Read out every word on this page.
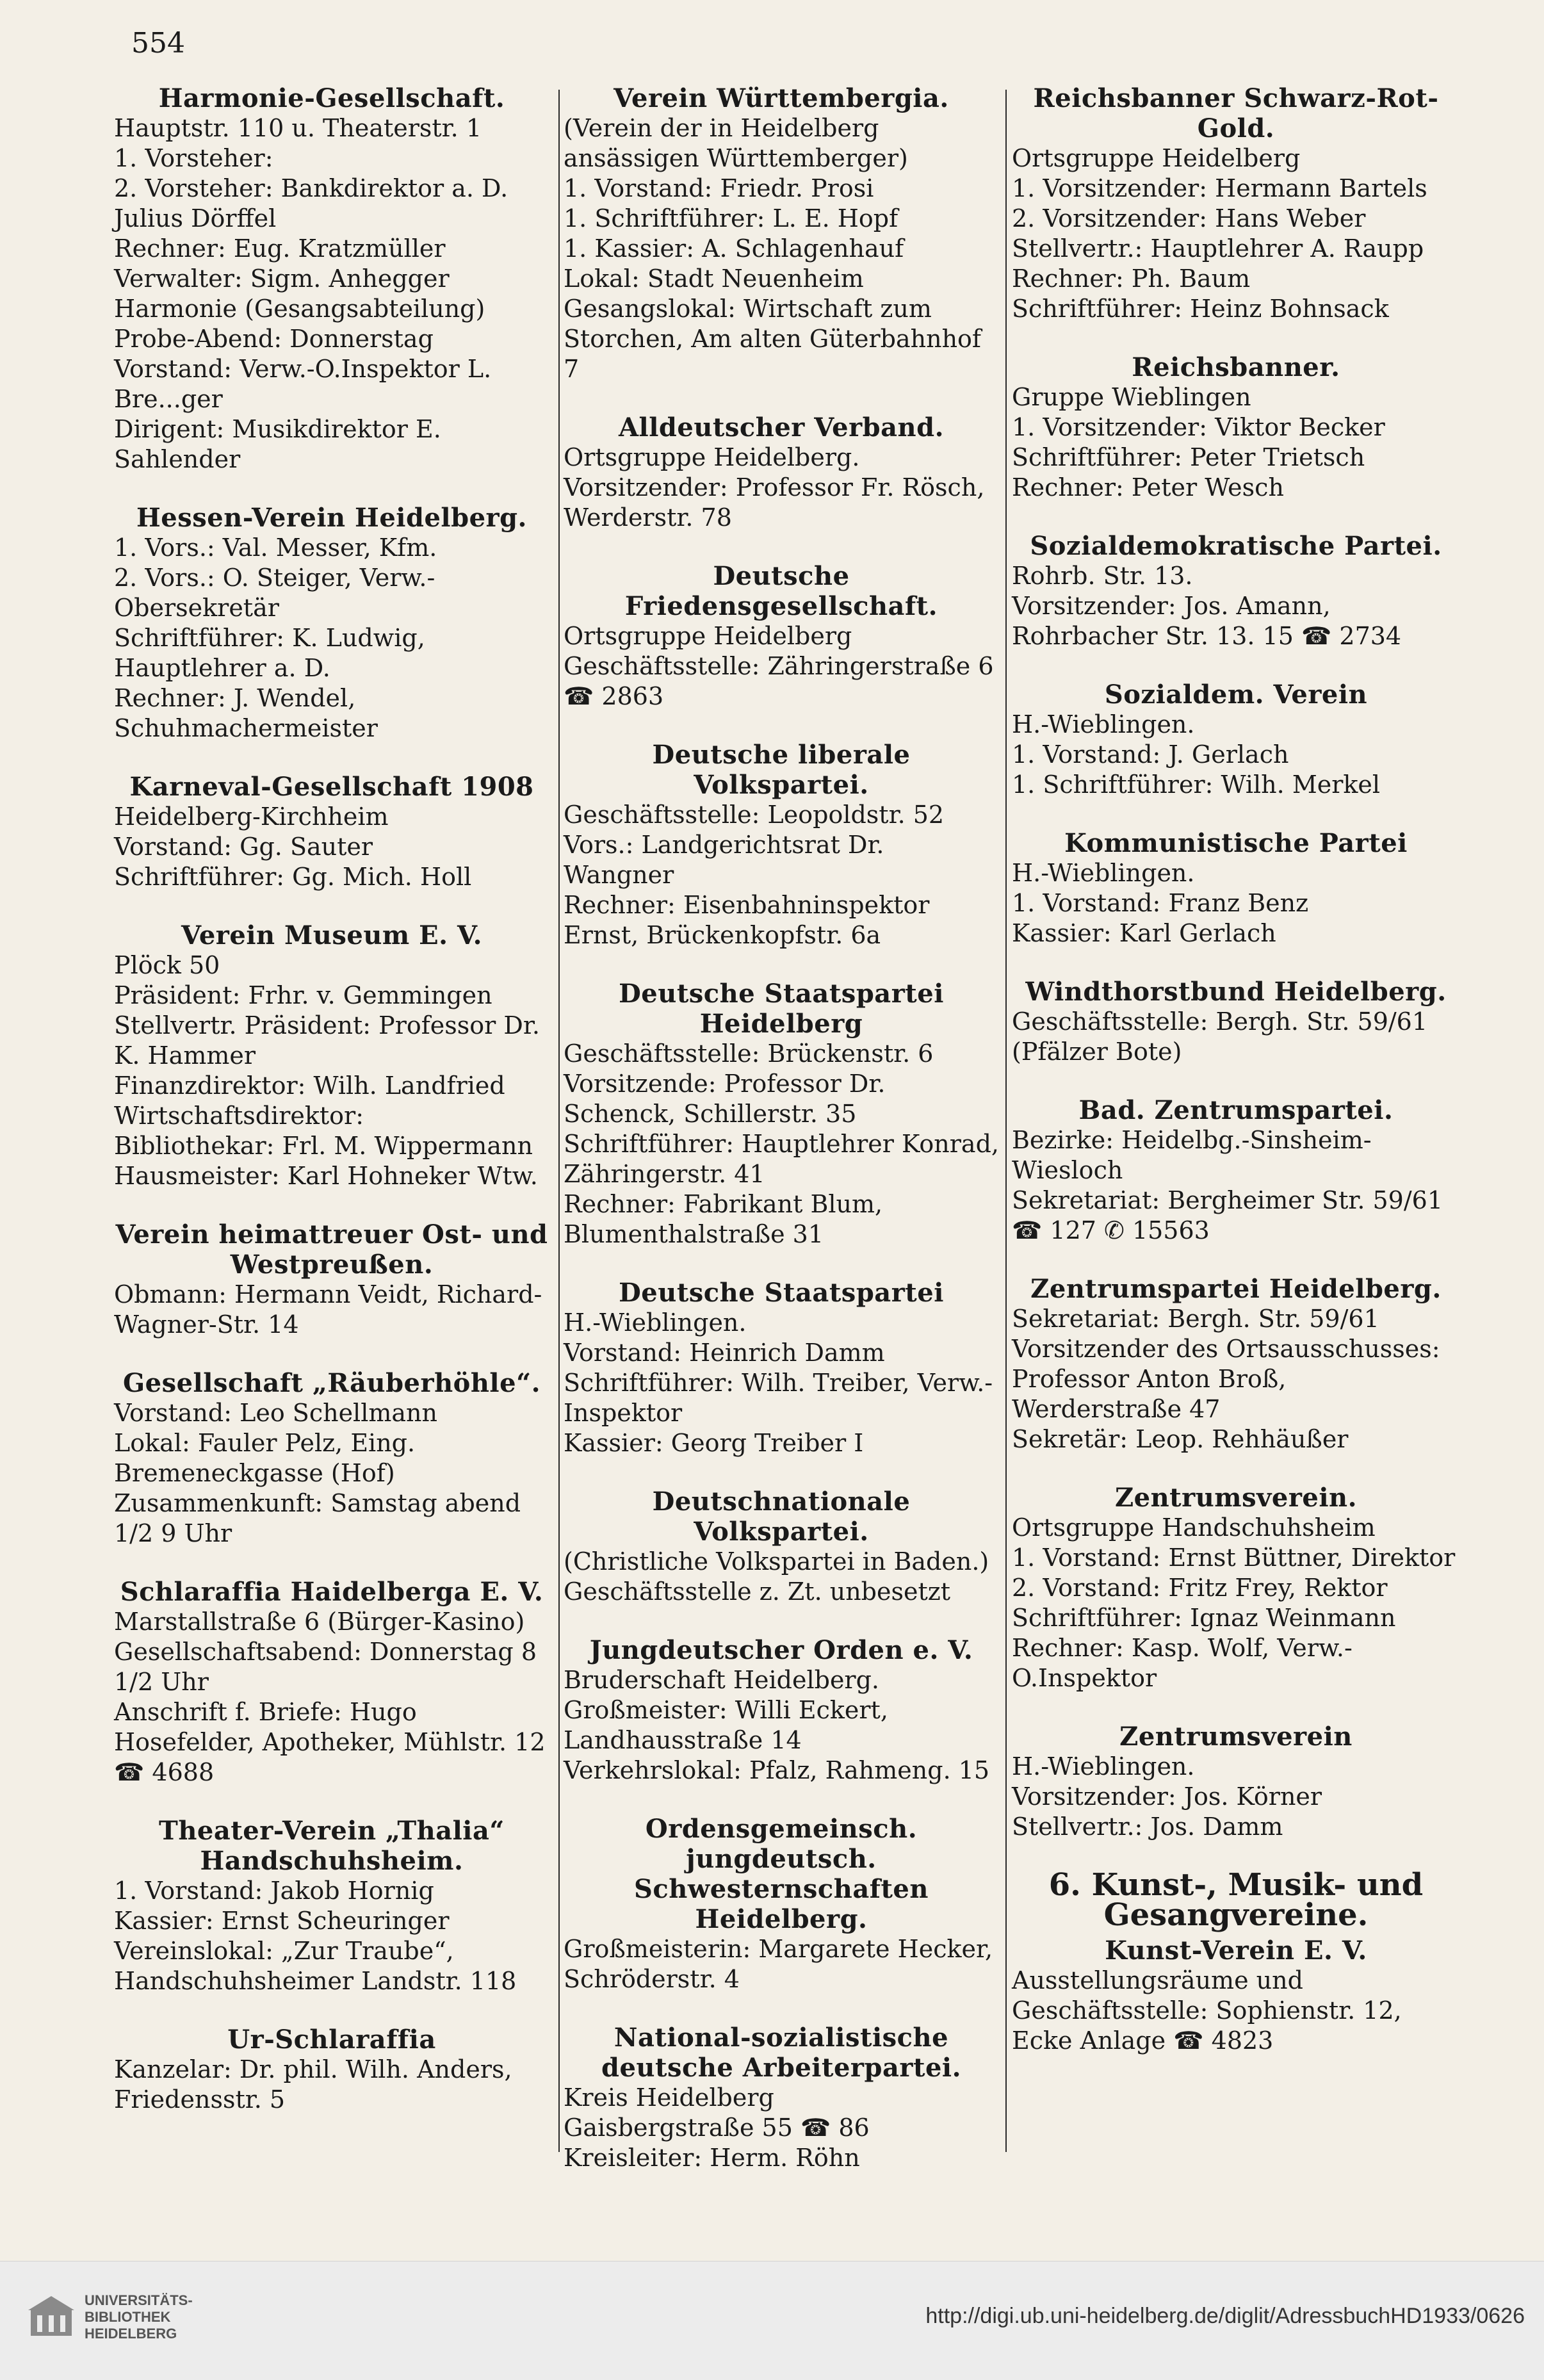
554
Harmonie-Gesellschaft.
Hauptstr. 110 u. Theaterstr. 1
1. Vorsteher:
2. Vorsteher: Bankdirektor a. D. Julius Dörffel
Rechner: Eug. Kratzmüller
Verwalter: Sigm. Anhegger
Harmonie (Gesangsabteilung)
Probe-Abend: Donnerstag
Vorstand: Verw.-O.Inspektor L. Bre...ger
Dirigent: Musikdirektor E. Sahlender
Hessen-Verein Heidelberg.
1. Vors.: Val. Messer, Kfm.
2. Vors.: O. Steiger, Verw.-Obersekretär
Schriftführer: K. Ludwig, Hauptlehrer a. D.
Rechner: J. Wendel, Schuhmachermeister
Karneval-Gesellschaft 1908
Heidelberg-Kirchheim
Vorstand: Gg. Sauter
Schriftführer: Gg. Mich. Holl
Verein Museum E. V.
Plöck 50
Präsident: Frhr. v. Gemmingen
Stellvertr. Präsident: Professor Dr. K. Hammer
Finanzdirektor: Wilh. Landfried
Wirtschaftsdirektor:
Bibliothekar: Frl. M. Wippermann
Hausmeister: Karl Hohneker Wtw.
Verein heimattreuer Ost- und Westpreußen.
Obmann: Hermann Veidt, Richard-Wagner-Str. 14
Gesellschaft „Räuberhöhle“.
Vorstand: Leo Schellmann
Lokal: Fauler Pelz, Eing. Bremeneckgasse (Hof)
Zusammenkunft: Samstag abend 1/2 9 Uhr
Schlaraffia Haidelberga E. V.
Marstallstraße 6 (Bürger-Kasino)
Gesellschaftsabend: Donnerstag 8 1/2 Uhr
Anschrift f. Briefe: Hugo Hosefelder, Apotheker, Mühlstr. 12 ☎ 4688
Theater-Verein „Thalia“ Handschuhsheim.
1. Vorstand: Jakob Hornig
Kassier: Ernst Scheuringer
Vereinslokal: „Zur Traube“, Handschuhsheimer Landstr. 118
Ur-Schlaraffia
Kanzelar: Dr. phil. Wilh. Anders, Friedensstr. 5
Verein Württembergia.
(Verein der in Heidelberg ansässigen Württemberger)
1. Vorstand: Friedr. Prosi
1. Schriftführer: L. E. Hopf
1. Kassier: A. Schlagenhauf
Lokal: Stadt Neuenheim
Gesangslokal: Wirtschaft zum Storchen, Am alten Güterbahnhof 7
Alldeutscher Verband.
Ortsgruppe Heidelberg.
Vorsitzender: Professor Fr. Rösch, Werderstr. 78
Deutsche Friedensgesellschaft.
Ortsgruppe Heidelberg
Geschäftsstelle: Zähringerstraße 6 ☎ 2863
Deutsche liberale Volkspartei.
Geschäftsstelle: Leopoldstr. 52
Vors.: Landgerichtsrat Dr. Wangner
Rechner: Eisenbahninspektor Ernst, Brückenkopfstr. 6a
Deutsche Staatspartei Heidelberg
Geschäftsstelle: Brückenstr. 6
Vorsitzende: Professor Dr. Schenck, Schillerstr. 35
Schriftführer: Hauptlehrer Konrad, Zähringerstr. 41
Rechner: Fabrikant Blum, Blumenthalstraße 31
Deutsche Staatspartei
H.-Wieblingen.
Vorstand: Heinrich Damm
Schriftführer: Wilh. Treiber, Verw.-Inspektor
Kassier: Georg Treiber I
Deutschnationale Volkspartei.
(Christliche Volkspartei in Baden.)
Geschäftsstelle z. Zt. unbesetzt
Jungdeutscher Orden e. V.
Bruderschaft Heidelberg.
Großmeister: Willi Eckert, Landhausstraße 14
Verkehrslokal: Pfalz, Rahmeng. 15
Ordensgemeinsch. jungdeutsch. Schwesternschaften Heidelberg.
Großmeisterin: Margarete Hecker, Schröderstr. 4
National-sozialistische deutsche Arbeiterpartei.
Kreis Heidelberg
Gaisbergstraße 55 ☎ 86
Kreisleiter: Herm. Röhn
Reichsbanner Schwarz-Rot-Gold.
Ortsgruppe Heidelberg
1. Vorsitzender: Hermann Bartels
2. Vorsitzender: Hans Weber
Stellvertr.: Hauptlehrer A. Raupp
Rechner: Ph. Baum
Schriftführer: Heinz Bohnsack
Reichsbanner.
Gruppe Wieblingen
1. Vorsitzender: Viktor Becker
Schriftführer: Peter Trietsch
Rechner: Peter Wesch
Sozialdemokratische Partei.
Rohrb. Str. 13.
Vorsitzender: Jos. Amann, Rohrbacher Str. 13. 15 ☎ 2734
Sozialdem. Verein
H.-Wieblingen.
1. Vorstand: J. Gerlach
1. Schriftführer: Wilh. Merkel
Kommunistische Partei
H.-Wieblingen.
1. Vorstand: Franz Benz
Kassier: Karl Gerlach
Windthorstbund Heidelberg.
Geschäftsstelle: Bergh. Str. 59/61 (Pfälzer Bote)
Bad. Zentrumspartei.
Bezirke: Heidelbg.-Sinsheim-Wiesloch
Sekretariat: Bergheimer Str. 59/61 ☎ 127 ✆ 15563
Zentrumspartei Heidelberg.
Sekretariat: Bergh. Str. 59/61
Vorsitzender des Ortsausschusses: Professor Anton Broß, Werderstraße 47
Sekretär: Leop. Rehhäußer
Zentrumsverein.
Ortsgruppe Handschuhsheim
1. Vorstand: Ernst Büttner, Direktor
2. Vorstand: Fritz Frey, Rektor
Schriftführer: Ignaz Weinmann
Rechner: Kasp. Wolf, Verw.-O.Inspektor
Zentrumsverein
H.-Wieblingen.
Vorsitzender: Jos. Körner
Stellvertr.: Jos. Damm
6. Kunst-, Musik- und Gesangvereine.
Kunst-Verein E. V.
Ausstellungsräume und Geschäftsstelle: Sophienstr. 12, Ecke Anlage ☎ 4823
UNIVERSITÄTS-
BIBLIOTHEK
HEIDELBERG
http://digi.ub.uni-heidelberg.de/diglit/AdressbuchHD1933/0626
